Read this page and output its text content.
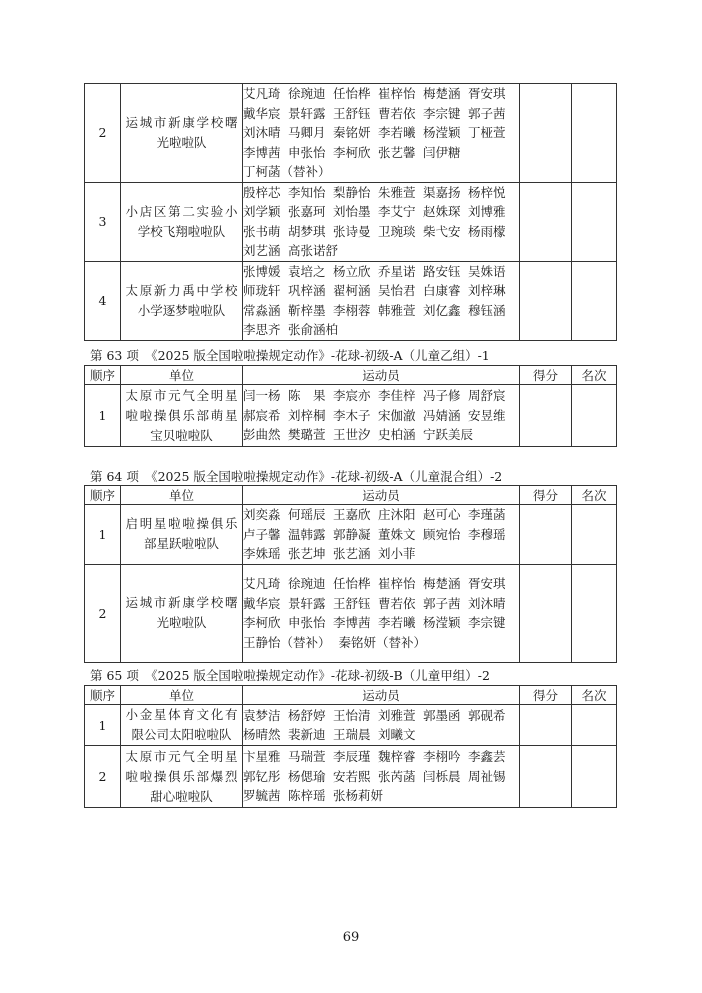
2	运城市新康学校曙光啦啦队	艾凡琦 徐琬迪 任怡桦 崔梓怡 梅楚涵 胥安琪戴华宸 景轩露 王舒钰 曹若依 李宗键 郭子茜刘沐晴 马卿月 秦铭妍 李若曦 杨滢颖 丁桠萱李博茜 申张怡 李柯欣 张艺馨 闫伊糖丁柯菡（替补）		
3	小店区第二实验小学校飞翔啦啦队	殷梓芯 李知怡 梨静怡 朱雅萱 渠嘉扬 杨梓悦刘学颖 张嘉珂 刘怡墨 李艾宁 赵姝琛 刘博雅张书萌 胡梦琪 张诗曼 卫琬琰 柴弋安 杨雨檬刘艺涵 高张诺舒		
4	太原新力禹中学校小学逐梦啦啦队	张博媛 袁培之 杨立欣 乔星诺 路安钰 吴姝语师珑轩 巩梓涵 翟柯涵 吴怡君 白康睿 刘梓琳常淼涵 靳梓墨 李栩蓉 韩雅萱 刘亿鑫 穆钰涵李思齐 张俞涵柏		
第 63 项　《2025 版全国啦啦操规定动作》-花球-初级-A（儿童乙组）-1
顺序	单位	运动员	得分	名次
1	太原市元气全明星啦啦操俱乐部萌星宝贝啦啦队	闫一杨 陈　果 李宸亦 李佳梓 冯子修 周舒宸郝宸希 刘梓桐 李木子 宋伽澈 冯婧涵 安昱维彭曲然 樊璐萱 王世汐 史柏涵 宁跃美辰		
第 64 项　《2025 版全国啦啦操规定动作》-花球-初级-A（儿童混合组）-2
顺序	单位	运动员	得分	名次
1	启明星啦啦操俱乐部星跃啦啦队	刘奕淼 何瑶辰 王嘉欣 庄沐阳 赵可心 李瑾菡卢子馨 温韩露 郭静凝 董姝文 顾宛怡 李穆瑶李姝瑶 张艺坤 张艺涵 刘小菲		
2	运城市新康学校曙光啦啦队	艾凡琦 徐琬迪 任怡桦 崔梓怡 梅楚涵 胥安琪戴华宸 景轩露 王舒钰 曹若依 郭子茜 刘沐晴李柯欣 申张怡 李博茜 李若曦 杨滢颖 李宗键王静怡（替补） 秦铭妍（替补）		
第 65 项　《2025 版全国啦啦操规定动作》-花球-初级-B（儿童甲组）-2
顺序	单位	运动员	得分	名次
1	小金星体育文化有限公司太阳啦啦队	袁梦洁 杨舒婷 王怡清 刘雅萱 郭墨函 郭砚希杨晴然 裴新迪 王瑞晨 刘曦文		
2	太原市元气全明星啦啦操俱乐部爆烈甜心啦啦队	卞星雅 马瑞萱 李辰瑾 魏梓睿 李栩吟 李鑫芸郭钇彤 杨偲瑜 安若熙 张芮菡 闫栎晨 周祉锡罗毓茜 陈梓瑶 张杨莉妍		
69
